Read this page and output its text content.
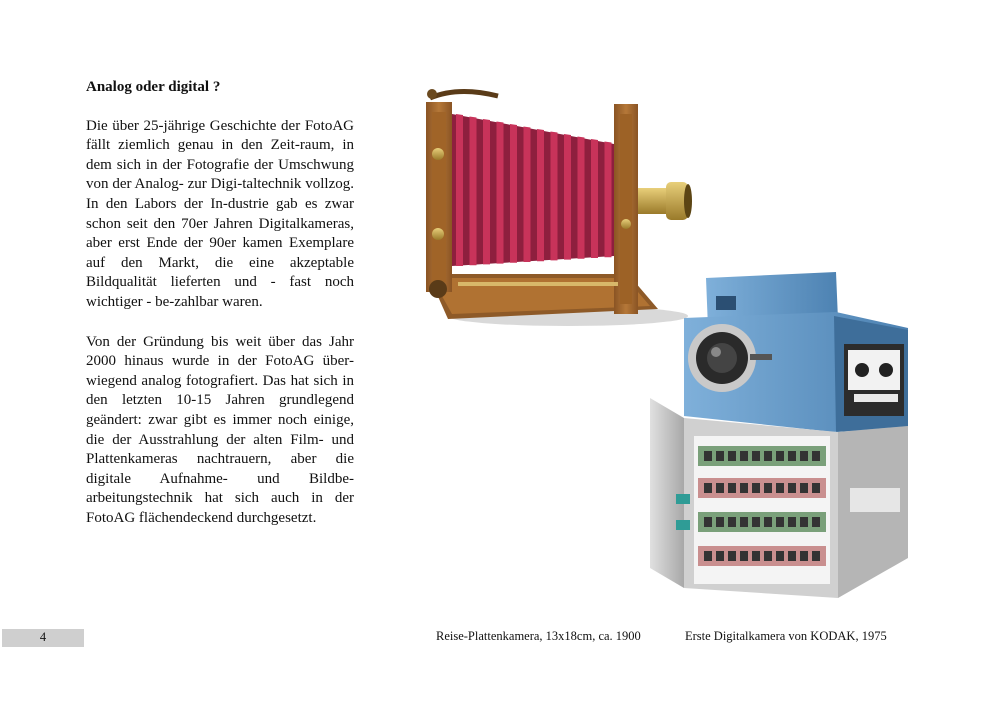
Analog oder digital ?

Die über 25-jährige Geschichte der FotoAG fällt ziemlich genau in den Zeit-raum, in dem sich in der Fotografie der Umschwung von der Analog- zur Digi-taltechnik vollzog. In den Labors der In-dustrie gab es zwar schon seit den 70er Jahren Digitalkameras, aber erst Ende der 90er kamen Exemplare auf den Markt, die eine akzeptable Bildqualität lieferten und - fast noch wichtiger - be-zahlbar waren.

Von der Gründung bis weit über das Jahr 2000 hinaus wurde in der FotoAG über-wiegend analog fotografiert. Das hat sich in den letzten 10-15 Jahren grundlegend geändert: zwar gibt es immer noch einige, die der Ausstrahlung der alten Film- und Plattenkameras nachtrauern, aber die digitale Aufnahme- und Bildbe-arbeitungstechnik hat sich auch in der FotoAG flächendeckend durchgesetzt.

Reise-Plattenkamera, 13x18cm, ca. 1900	Erste Digitalkamera von KODAK, 1975
4
